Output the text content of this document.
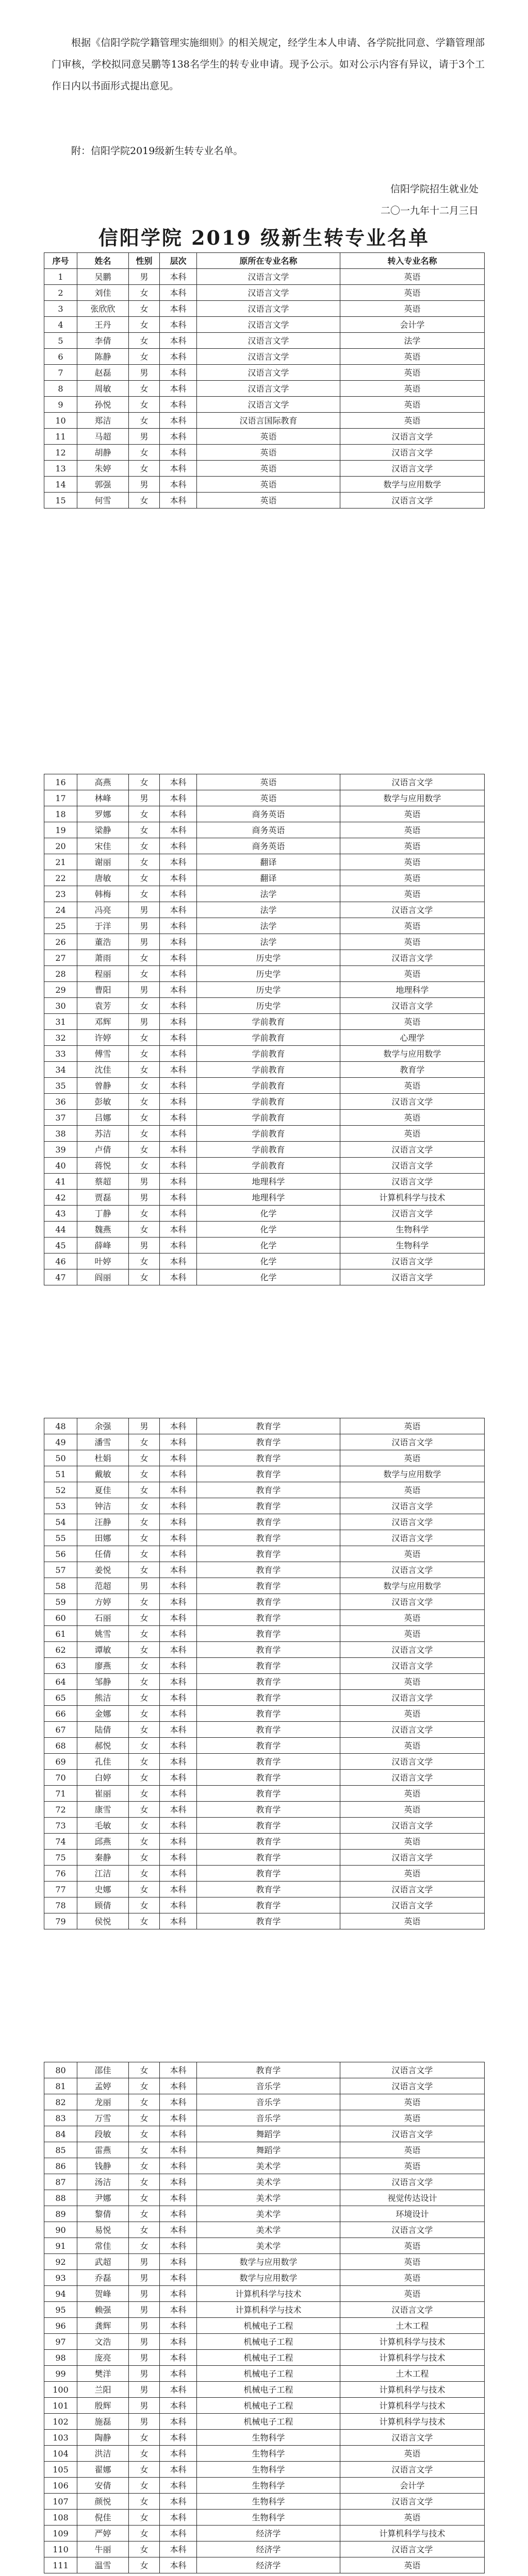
根据《信阳学院学籍管理实施细则》的相关规定，经学生本人申请、各学院批同意、学籍管理部门审核，学校拟同意吴鹏等138名学生的转专业申请。现予公示。如对公示内容有异议，请于3个工作日内以书面形式提出意见。

附：信阳学院2019级新生转专业名单。

信阳学院招生就业处
二〇一九年十二月三日
信阳学院 2019 级新生转专业名单
序号	姓名	性别	层次	原所在专业名称	转入专业名称
1	吴鹏	男	本科	汉语言文学	英语
2	刘佳	女	本科	汉语言文学	英语
3	张欣欣	女	本科	汉语言文学	英语
4	王丹	女	本科	汉语言文学	会计学
5	李倩	女	本科	汉语言文学	法学
6	陈静	女	本科	汉语言文学	英语
7	赵磊	男	本科	汉语言文学	英语
8	周敏	女	本科	汉语言文学	英语
9	孙悦	女	本科	汉语言文学	英语
10	郑洁	女	本科	汉语言国际教育	英语
11	马超	男	本科	英语	汉语言文学
12	胡静	女	本科	英语	汉语言文学
13	朱婷	女	本科	英语	汉语言文学
14	郭强	男	本科	英语	数学与应用数学
15	何雪	女	本科	英语	汉语言文学
16	高燕	女	本科	英语	汉语言文学
17	林峰	男	本科	英语	数学与应用数学
18	罗娜	女	本科	商务英语	英语
19	梁静	女	本科	商务英语	英语
20	宋佳	女	本科	商务英语	英语
21	谢丽	女	本科	翻译	英语
22	唐敏	女	本科	翻译	英语
23	韩梅	女	本科	法学	英语
24	冯亮	男	本科	法学	汉语言文学
25	于洋	男	本科	法学	英语
26	董浩	男	本科	法学	英语
27	萧雨	女	本科	历史学	汉语言文学
28	程丽	女	本科	历史学	英语
29	曹阳	男	本科	历史学	地理科学
30	袁芳	女	本科	历史学	汉语言文学
31	邓辉	男	本科	学前教育	英语
32	许婷	女	本科	学前教育	心理学
33	傅雪	女	本科	学前教育	数学与应用数学
34	沈佳	女	本科	学前教育	教育学
35	曾静	女	本科	学前教育	英语
36	彭敏	女	本科	学前教育	汉语言文学
37	吕娜	女	本科	学前教育	英语
38	苏洁	女	本科	学前教育	英语
39	卢倩	女	本科	学前教育	汉语言文学
40	蒋悦	女	本科	学前教育	汉语言文学
41	蔡超	男	本科	地理科学	汉语言文学
42	贾磊	男	本科	地理科学	计算机科学与技术
43	丁静	女	本科	化学	汉语言文学
44	魏燕	女	本科	化学	生物科学
45	薛峰	男	本科	化学	生物科学
46	叶婷	女	本科	化学	汉语言文学
47	阎丽	女	本科	化学	汉语言文学
48	余强	男	本科	教育学	英语
49	潘雪	女	本科	教育学	汉语言文学
50	杜娟	女	本科	教育学	英语
51	戴敏	女	本科	教育学	数学与应用数学
52	夏佳	女	本科	教育学	英语
53	钟洁	女	本科	教育学	汉语言文学
54	汪静	女	本科	教育学	汉语言文学
55	田娜	女	本科	教育学	汉语言文学
56	任倩	女	本科	教育学	英语
57	姜悦	女	本科	教育学	汉语言文学
58	范超	男	本科	教育学	数学与应用数学
59	方婷	女	本科	教育学	汉语言文学
60	石丽	女	本科	教育学	英语
61	姚雪	女	本科	教育学	英语
62	谭敏	女	本科	教育学	汉语言文学
63	廖燕	女	本科	教育学	汉语言文学
64	邹静	女	本科	教育学	英语
65	熊洁	女	本科	教育学	汉语言文学
66	金娜	女	本科	教育学	英语
67	陆倩	女	本科	教育学	汉语言文学
68	郝悦	女	本科	教育学	英语
69	孔佳	女	本科	教育学	汉语言文学
70	白婷	女	本科	教育学	汉语言文学
71	崔丽	女	本科	教育学	英语
72	康雪	女	本科	教育学	英语
73	毛敏	女	本科	教育学	汉语言文学
74	邱燕	女	本科	教育学	英语
75	秦静	女	本科	教育学	汉语言文学
76	江洁	女	本科	教育学	英语
77	史娜	女	本科	教育学	汉语言文学
78	顾倩	女	本科	教育学	汉语言文学
79	侯悦	女	本科	教育学	英语
80	邵佳	女	本科	教育学	汉语言文学
81	孟婷	女	本科	音乐学	汉语言文学
82	龙丽	女	本科	音乐学	英语
83	万雪	女	本科	音乐学	英语
84	段敏	女	本科	舞蹈学	汉语言文学
85	雷燕	女	本科	舞蹈学	英语
86	钱静	女	本科	美术学	英语
87	汤洁	女	本科	美术学	汉语言文学
88	尹娜	女	本科	美术学	视觉传达设计
89	黎倩	女	本科	美术学	环境设计
90	易悦	女	本科	美术学	汉语言文学
91	常佳	女	本科	美术学	英语
92	武超	男	本科	数学与应用数学	英语
93	乔磊	男	本科	数学与应用数学	英语
94	贺峰	男	本科	计算机科学与技术	英语
95	赖强	男	本科	计算机科学与技术	汉语言文学
96	龚辉	男	本科	机械电子工程	土木工程
97	文浩	男	本科	机械电子工程	计算机科学与技术
98	庞亮	男	本科	机械电子工程	计算机科学与技术
99	樊洋	男	本科	机械电子工程	土木工程
100	兰阳	男	本科	机械电子工程	计算机科学与技术
101	殷辉	男	本科	机械电子工程	计算机科学与技术
102	施磊	男	本科	机械电子工程	计算机科学与技术
103	陶静	女	本科	生物科学	汉语言文学
104	洪洁	女	本科	生物科学	英语
105	翟娜	女	本科	生物科学	汉语言文学
106	安倩	女	本科	生物科学	会计学
107	颜悦	女	本科	生物科学	汉语言文学
108	倪佳	女	本科	生物科学	英语
109	严婷	女	本科	经济学	计算机科学与技术
110	牛丽	女	本科	经济学	汉语言文学
111	温雪	女	本科	经济学	英语
